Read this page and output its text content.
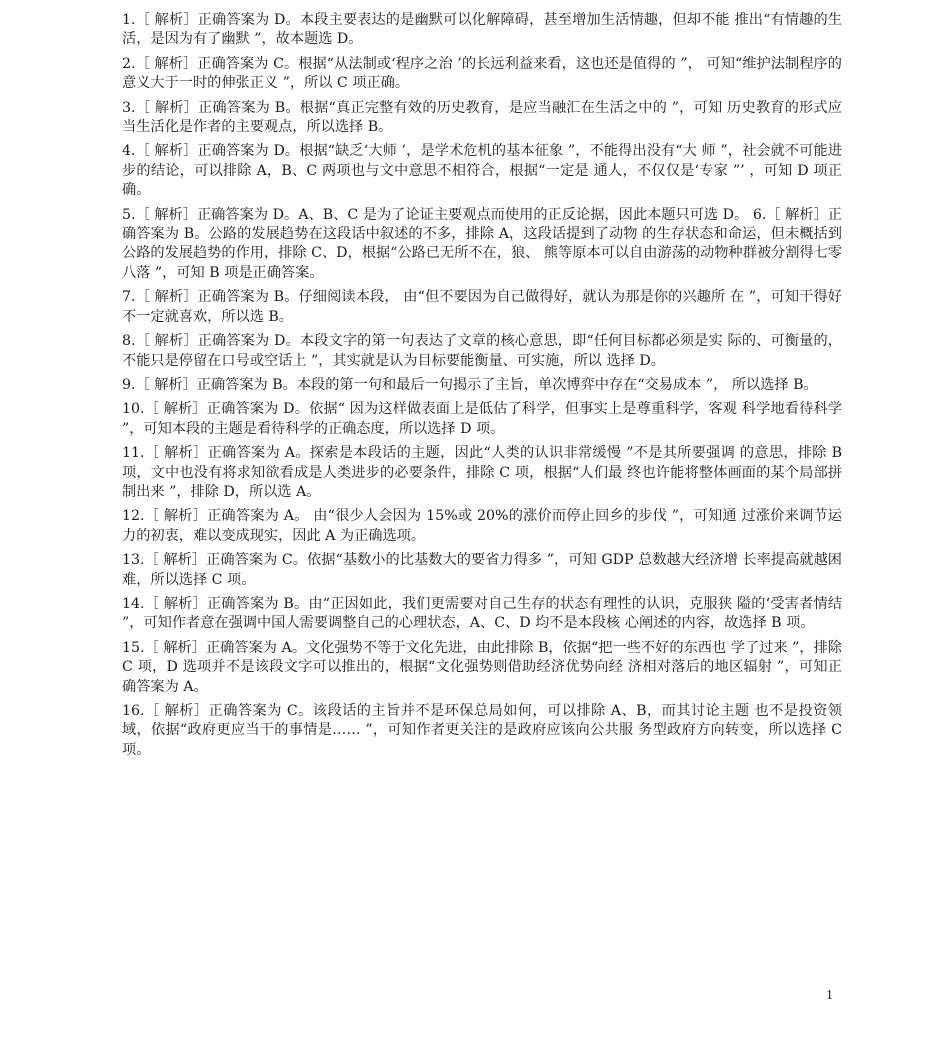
1.［ 解析］正确答案为 D。本段主要表达的是幽默可以化解障碍，甚至增加生活情趣，但却不能 推出“有情趣的生活，是因为有了幽默 ”，故本题选 D。

2.［ 解析］正确答案为 C。根据“从法制或‘程序之治 ’的长远利益来看，这也还是值得的 ”， 可知“维护法制程序的意义大于一时的伸张正义 ”，所以 C 项正确。

3.［ 解析］正确答案为 B。根据“真正完整有效的历史教育，是应当融汇在生活之中的 ”，可知 历史教育的形式应当生活化是作者的主要观点，所以选择 B。

4.［ 解析］正确答案为 D。根据“缺乏‘大师 ’，是学术危机的基本征象 ”，不能得出没有“大 师 ”，社会就不可能进步的结论，可以排除 A，B、C 两项也与文中意思不相符合，根据“一定是 通人，不仅仅是‘专家 ”’ ，可知 D 项正确。

5.［ 解析］正确答案为 D。A、B、C 是为了论证主要观点而使用的正反论据，因此本题只可选 D。 6.［ 解析］正确答案为 B。公路的发展趋势在这段话中叙述的不多，排除 A，这段话提到了动物 的生存状态和命运，但未概括到公路的发展趋势的作用，排除 C、D，根据“公路已无所不在，狼、 熊等原本可以自由游荡的动物种群被分割得七零八落 ”，可知 B 项是正确答案。

7.［ 解析］正确答案为 B。仔细阅读本段， 由“但不要因为自己做得好，就认为那是你的兴趣所 在 ”，可知干得好不一定就喜欢，所以选 B。

8.［ 解析］正确答案为 D。本段文字的第一句表达了文章的核心意思，即“任何目标都必须是实 际的、可衡量的，不能只是停留在口号或空话上 ”，其实就是认为目标要能衡量、可实施，所以 选择 D。

9.［ 解析］正确答案为 B。本段的第一句和最后一句揭示了主旨，单次博弈中存在“交易成本 ”， 所以选择 B。

10.［ 解析］正确答案为 D。依据“ 因为这样做表面上是低估了科学，但事实上是尊重科学，客观 科学地看待科学 ”，可知本段的主题是看待科学的正确态度，所以选择 D 项。

11.［ 解析］正确答案为 A。探索是本段话的主题，因此“人类的认识非常缓慢 ”不是其所要强调 的意思，排除 B 项，文中也没有将求知欲看成是人类进步的必要条件，排除 C 项，根据“人们最 终也许能将整体画面的某个局部拼制出来 ”，排除 D，所以选 A。

12.［ 解析］正确答案为 A。 由“很少人会因为 15%或 20%的涨价而停止回乡的步伐 ”，可知通 过涨价来调节运力的初衷，难以变成现实，因此 A 为正确选项。

13.［ 解析］正确答案为 C。依据“基数小的比基数大的要省力得多 ”，可知 GDP 总数越大经济增 长率提高就越困难，所以选择 C 项。

14.［ 解析］正确答案为 B。由“正因如此，我们更需要对自己生存的状态有理性的认识，克服狭 隘的‘受害者情结 ”，可知作者意在强调中国人需要调整自己的心理状态，A、C、D 均不是本段核 心阐述的内容，故选择 B 项。

15.［ 解析］正确答案为 A。文化强势不等于文化先进，由此排除 B，依据“把一些不好的东西也 学了过来 ”，排除 C 项，D 选项并不是该段文字可以推出的，根据“文化强势则借助经济优势向经 济相对落后的地区辐射 ”，可知正确答案为 A。

16.［ 解析］正确答案为 C。该段话的主旨并不是环保总局如何，可以排除 A、B，而其讨论主题 也不是投资领域，依据“政府更应当干的事情是…… ”，可知作者更关注的是政府应该向公共服 务型政府方向转变，所以选择 C 项。

1
